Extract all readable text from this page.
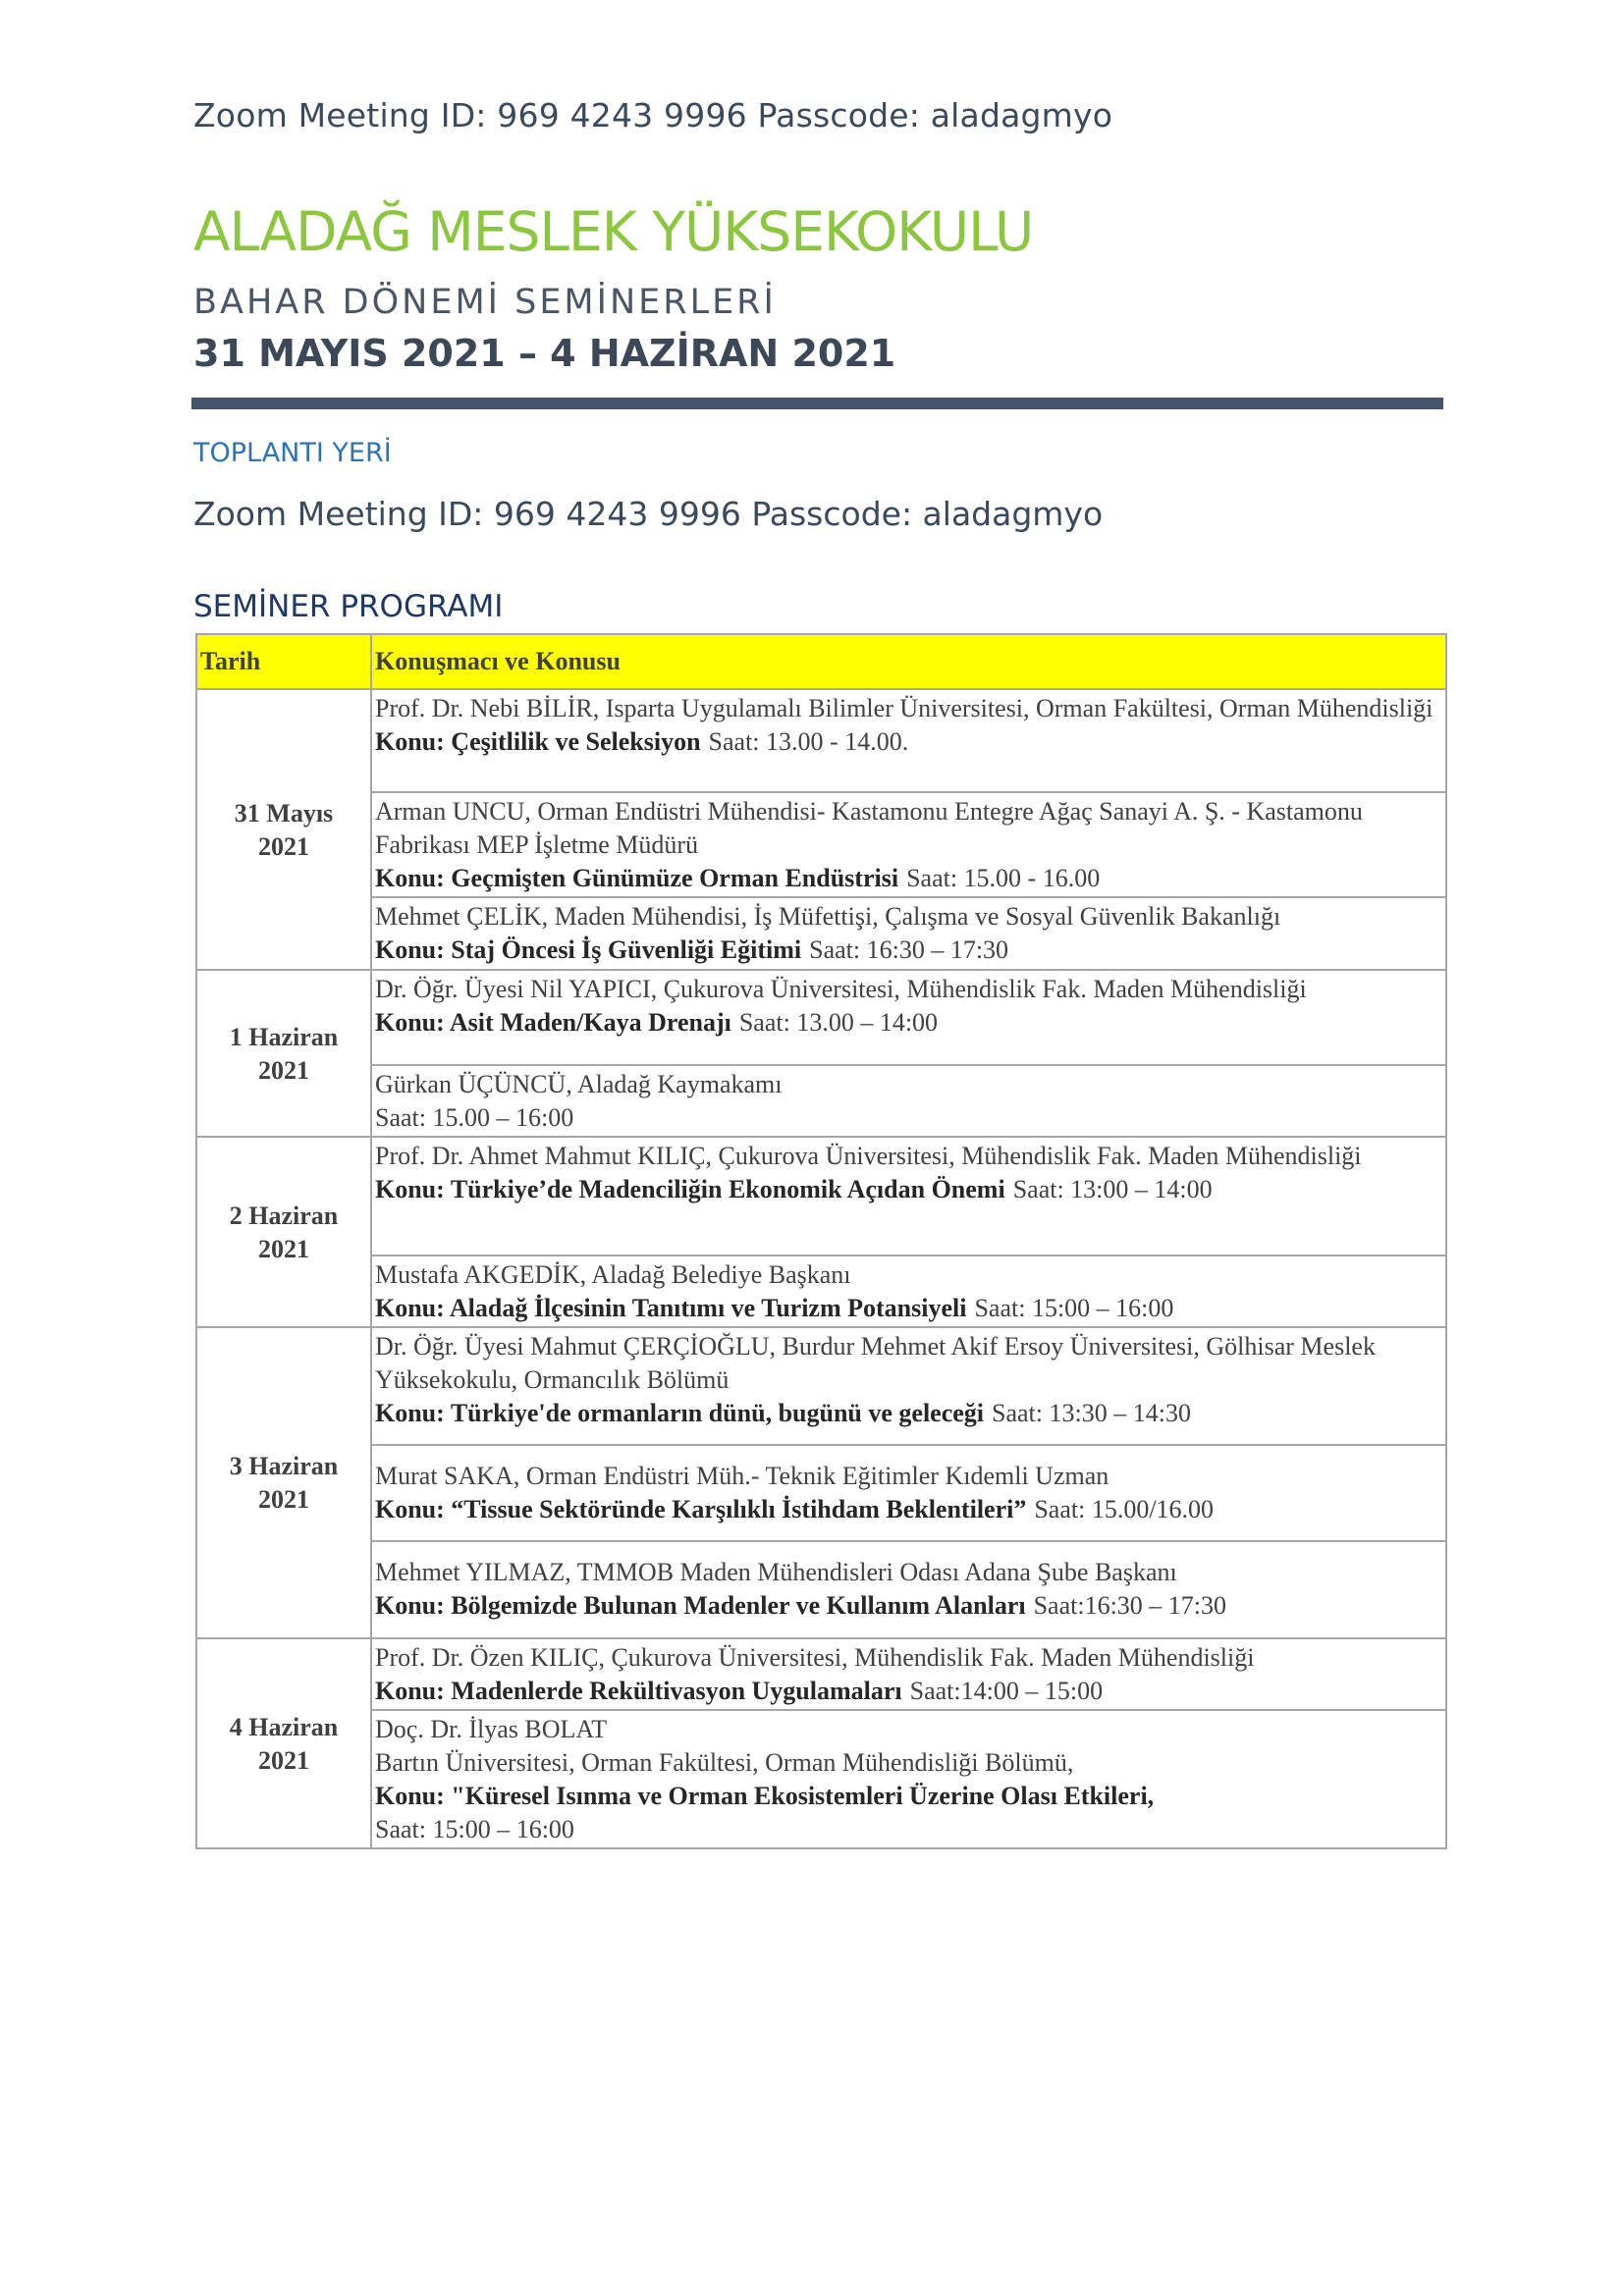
Zoom Meeting ID: 969 4243 9996 Passcode: aladagmyo
ALADAĞ MESLEK YÜKSEKOKULU
BAHAR DÖNEMİ SEMİNERLERİ
31 MAYIS 2021 – 4 HAZİRAN 2021
TOPLANTI YERİ
Zoom Meeting ID: 969 4243 9996 Passcode: aladagmyo
SEMİNER PROGRAMI
Tarih	Konuşmacı ve Konusu

31 Mayıs
2021	Prof. Dr. Nebi BİLİR, Isparta Uygulamalı Bilimler Üniversitesi, Orman Fakültesi, Orman Mühendisliği
Konu: Çeşitlilik ve Seleksiyon Saat: 13.00 - 14.00.

	Arman UNCU, Orman Endüstri Mühendisi- Kastamonu Entegre Ağaç Sanayi A. Ş. - Kastamonu Fabrikası MEP İşletme Müdürü
Konu: Geçmişten Günümüze Orman Endüstrisi Saat: 15.00 - 16.00

	Mehmet ÇELİK, Maden Mühendisi, İş Müfettişi, Çalışma ve Sosyal Güvenlik Bakanlığı
Konu: Staj Öncesi İş Güvenliği Eğitimi Saat: 16:30 – 17:30

1 Haziran
2021	Dr. Öğr. Üyesi Nil YAPICI, Çukurova Üniversitesi, Mühendislik Fak. Maden Mühendisliği
Konu: Asit Maden/Kaya Drenajı Saat: 13.00 – 14:00

	Gürkan ÜÇÜNCÜ, Aladağ Kaymakamı
Saat: 15.00 – 16:00

2 Haziran
2021	Prof. Dr. Ahmet Mahmut KILIÇ, Çukurova Üniversitesi, Mühendislik Fak. Maden Mühendisliği
Konu: Türkiye’de Madenciliğin Ekonomik Açıdan Önemi Saat: 13:00 – 14:00

	Mustafa AKGEDİK, Aladağ Belediye Başkanı
Konu: Aladağ İlçesinin Tanıtımı ve Turizm Potansiyeli Saat: 15:00 – 16:00

3 Haziran
2021	Dr. Öğr. Üyesi Mahmut ÇERÇİOĞLU, Burdur Mehmet Akif Ersoy Üniversitesi, Gölhisar Meslek Yüksekokulu, Ormancılık Bölümü
Konu: Türkiye'de ormanların dünü, bugünü ve geleceği Saat: 13:30 – 14:30

	Murat SAKA, Orman Endüstri Müh.- Teknik Eğitimler Kıdemli Uzman
Konu: “Tissue Sektöründe Karşılıklı İstihdam Beklentileri” Saat: 15.00/16.00

	Mehmet YILMAZ, TMMOB Maden Mühendisleri Odası Adana Şube Başkanı
Konu: Bölgemizde Bulunan Madenler ve Kullanım Alanları Saat:16:30 – 17:30

4 Haziran
2021	Prof. Dr. Özen KILIÇ, Çukurova Üniversitesi, Mühendislik Fak. Maden Mühendisliği
Konu: Madenlerde Rekültivasyon Uygulamaları Saat:14:00 – 15:00

	Doç. Dr. İlyas BOLAT
Bartın Üniversitesi, Orman Fakültesi, Orman Mühendisliği Bölümü,
Konu: "Küresel Isınma ve Orman Ekosistemleri Üzerine Olası Etkileri,
Saat: 15:00 – 16:00
